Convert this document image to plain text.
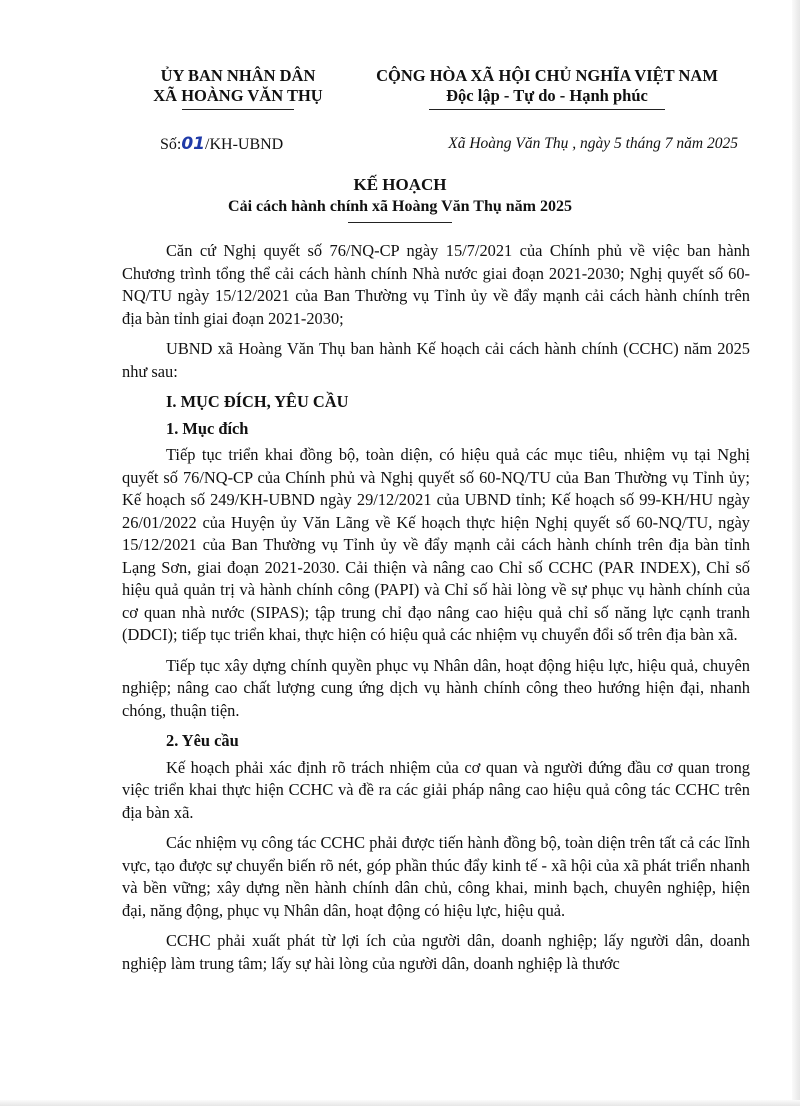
ỦY BAN NHÂN DÂN
XÃ HOÀNG VĂN THỤ
CỘNG HÒA XÃ HỘI CHỦ NGHĨA VIỆT NAM
Độc lập - Tự do - Hạnh phúc
Số:01/KH-UBND	Xã Hoàng Văn Thụ , ngày 5 tháng 7 năm 2025
KẾ HOẠCH
Cải cách hành chính xã Hoàng Văn Thụ năm 2025

Căn cứ Nghị quyết số 76/NQ-CP ngày 15/7/2021 của Chính phủ về việc ban hành Chương trình tổng thể cải cách hành chính Nhà nước giai đoạn 2021-2030; Nghị quyết số 60-NQ/TU ngày 15/12/2021 của Ban Thường vụ Tỉnh ủy về đẩy mạnh cải cách hành chính trên địa bàn tỉnh giai đoạn 2021-2030;

UBND xã Hoàng Văn Thụ ban hành Kế hoạch cải cách hành chính (CCHC) năm 2025 như sau:

I. MỤC ĐÍCH, YÊU CẦU
1. Mục đích

Tiếp tục triển khai đồng bộ, toàn diện, có hiệu quả các mục tiêu, nhiệm vụ tại Nghị quyết số 76/NQ-CP của Chính phủ và Nghị quyết số 60-NQ/TU của Ban Thường vụ Tỉnh ủy; Kế hoạch số 249/KH-UBND ngày 29/12/2021 của UBND tỉnh; Kế hoạch số 99-KH/HU ngày 26/01/2022 của Huyện ủy Văn Lãng về Kế hoạch thực hiện Nghị quyết số 60-NQ/TU, ngày 15/12/2021 của Ban Thường vụ Tỉnh ủy về đẩy mạnh cải cách hành chính trên địa bàn tỉnh Lạng Sơn, giai đoạn 2021-2030. Cải thiện và nâng cao Chỉ số CCHC (PAR INDEX), Chỉ số hiệu quả quản trị và hành chính công (PAPI) và Chỉ số hài lòng về sự phục vụ hành chính của cơ quan nhà nước (SIPAS); tập trung chỉ đạo nâng cao hiệu quả chỉ số năng lực cạnh tranh (DDCI); tiếp tục triển khai, thực hiện có hiệu quả các nhiệm vụ chuyển đổi số trên địa bàn xã.

Tiếp tục xây dựng chính quyền phục vụ Nhân dân, hoạt động hiệu lực, hiệu quả, chuyên nghiệp; nâng cao chất lượng cung ứng dịch vụ hành chính công theo hướng hiện đại, nhanh chóng, thuận tiện.

2. Yêu cầu

Kế hoạch phải xác định rõ trách nhiệm của cơ quan và người đứng đầu cơ quan trong việc triển khai thực hiện CCHC và đề ra các giải pháp nâng cao hiệu quả công tác CCHC trên địa bàn xã.

Các nhiệm vụ công tác CCHC phải được tiến hành đồng bộ, toàn diện trên tất cả các lĩnh vực, tạo được sự chuyển biến rõ nét, góp phần thúc đẩy kinh tế - xã hội của xã phát triển nhanh và bền vững; xây dựng nền hành chính dân chủ, công khai, minh bạch, chuyên nghiệp, hiện đại, năng động, phục vụ Nhân dân, hoạt động có hiệu lực, hiệu quả.

CCHC phải xuất phát từ lợi ích của người dân, doanh nghiệp; lấy người dân, doanh nghiệp làm trung tâm; lấy sự hài lòng của người dân, doanh nghiệp là thước
